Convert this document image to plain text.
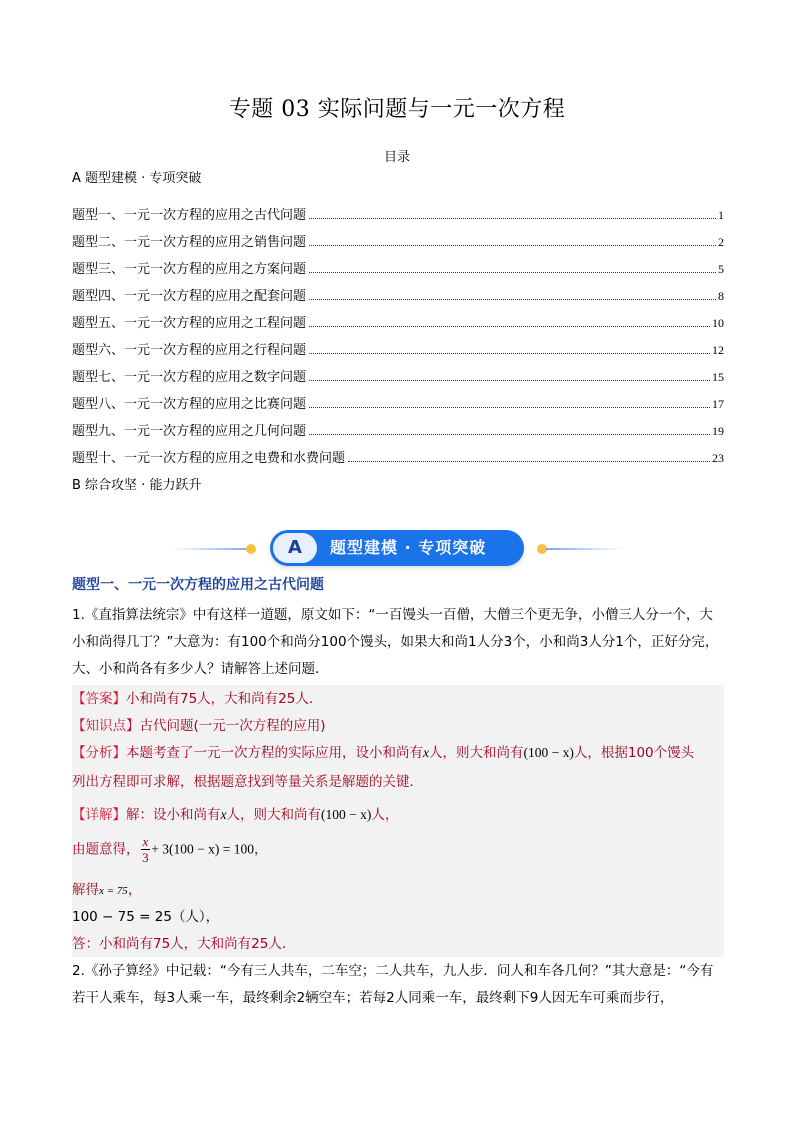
专题 03 实际问题与一元一次方程
目录
A 题型建模 · 专项突破
题型一、一元一次方程的应用之古代问题	1
题型二、一元一次方程的应用之销售问题	2
题型三、一元一次方程的应用之方案问题	5
题型四、一元一次方程的应用之配套问题	8
题型五、一元一次方程的应用之工程问题	10
题型六、一元一次方程的应用之行程问题	12
题型七、一元一次方程的应用之数字问题	15
题型八、一元一次方程的应用之比赛问题	17
题型九、一元一次方程的应用之几何问题	19
题型十、一元一次方程的应用之电费和水费问题	23
B 综合攻坚 · 能力跃升
A	题型建模 · 专项突破
题型一、一元一次方程的应用之古代问题
1.《直指算法统宗》中有这样一道题，原文如下：“一百馒头一百僧，大僧三个更无争，小僧三人分一个，大小和尚得几丁？”大意为：有100个和尚分100个馒头，如果大和尚1人分3个，小和尚3人分1个，正好分完，大、小和尚各有多少人？请解答上述问题．
【答案】小和尚有75人，大和尚有25人．
【知识点】古代问题(一元一次方程的应用)
【分析】本题考查了一元一次方程的实际应用，设小和尚有x人，则大和尚有(100 − x)人，根据100个馒头
列出方程即可求解，根据题意找到等量关系是解题的关键．
【详解】解：设小和尚有x人，则大和尚有(100 − x)人，
由题意得， $\frac{x}{3} + 3(100 - x) = 100$，
解得x = 75，
100 − 75 = 25（人），
答：小和尚有75人，大和尚有25人．
2.《孙子算经》中记载：“今有三人共车，二车空；二人共车，九人步．问人和车各几何？”其大意是：“今有若干人乘车，每3人乘一车，最终剩余2辆空车；若每2人同乘一车，最终剩下9人因无车可乘而步行，
